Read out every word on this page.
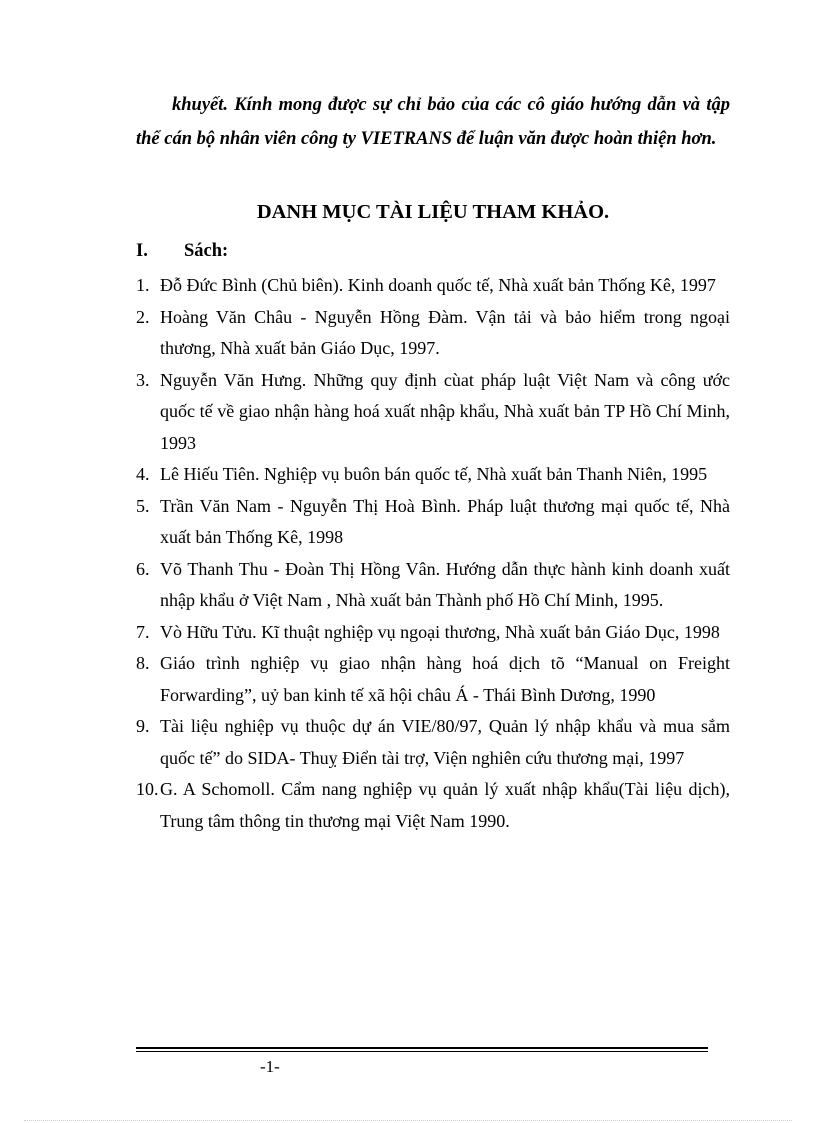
khuyết. Kính mong được sự chỉ bảo của các cô giáo hướng dẫn và tập thể cán bộ nhân viên công ty VIETRANS để luận văn được hoàn thiện hơn.
DANH MỤC TÀI LIỆU THAM KHẢO.
I. Sách:
1. Đỗ Đức Bình (Chủ biên). Kinh doanh quốc tế, Nhà xuất bản Thống Kê, 1997
2. Hoàng Văn Châu - Nguyễn Hồng Đàm. Vận tải và bảo hiểm trong ngoại thương, Nhà xuất bản Giáo Dục, 1997.
3. Nguyễn Văn Hưng. Những quy định cùat pháp luật Việt Nam và công ước quốc tế về giao nhận hàng hoá xuất nhập khẩu, Nhà xuất bản TP Hồ Chí Minh, 1993
4. Lê Hiếu Tiên. Nghiệp vụ buôn bán quốc tế, Nhà xuất bản Thanh Niên, 1995
5. Trần Văn Nam - Nguyễn Thị Hoà Bình. Pháp luật thương mại quốc tế, Nhà xuất bản Thống Kê, 1998
6. Võ Thanh Thu - Đoàn Thị Hồng Vân. Hướng dẫn thực hành kinh doanh xuất nhập khẩu ở Việt Nam , Nhà xuất bản Thành phố Hồ Chí Minh, 1995.
7. Vò Hữu Tửu. Kĩ thuật nghiệp vụ ngoại thương, Nhà xuất bản Giáo Dục, 1998
8. Giáo trình nghiệp vụ giao nhận hàng hoá dịch tõ “Manual on Freight Forwarding”, uỷ ban kinh tế xã hội châu Á - Thái Bình Dương, 1990
9. Tài liệu nghiệp vụ thuộc dự án VIE/80/97, Quản lý nhập khẩu và mua sắm quốc tế” do SIDA- Thuỵ Điển tài trợ, Viện nghiên cứu thương mại, 1997
10. G. A Schomoll. Cẩm nang nghiệp vụ quản lý xuất nhập khẩu(Tài liệu dịch), Trung tâm thông tin thương mại Việt Nam 1990.
-1-
